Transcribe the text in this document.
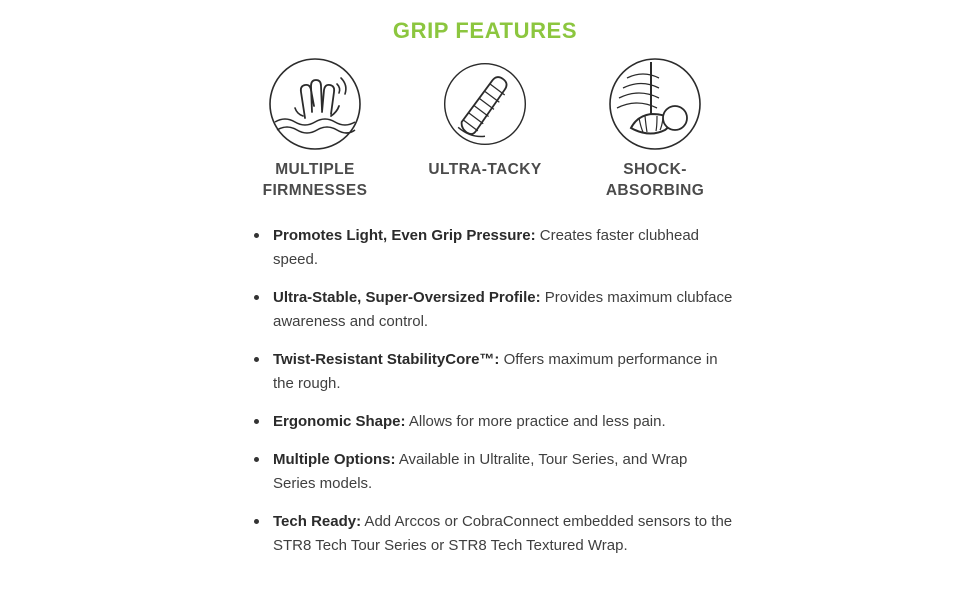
GRIP FEATURES
MULTIPLE FIRMNESSES
ULTRA-TACKY	SHOCK-ABSORBING
Promotes Light, Even Grip Pressure: Creates faster clubhead speed.
Ultra-Stable, Super-Oversized Profile: Provides maximum clubface awareness and control.
Twist-Resistant StabilityCore™: Offers maximum performance in the rough.
Ergonomic Shape: Allows for more practice and less pain.
Multiple Options: Available in Ultralite, Tour Series, and Wrap Series models.
Tech Ready: Add Arccos or CobraConnect embedded sensors to the STR8 Tech Tour Series or STR8 Tech Textured Wrap.
